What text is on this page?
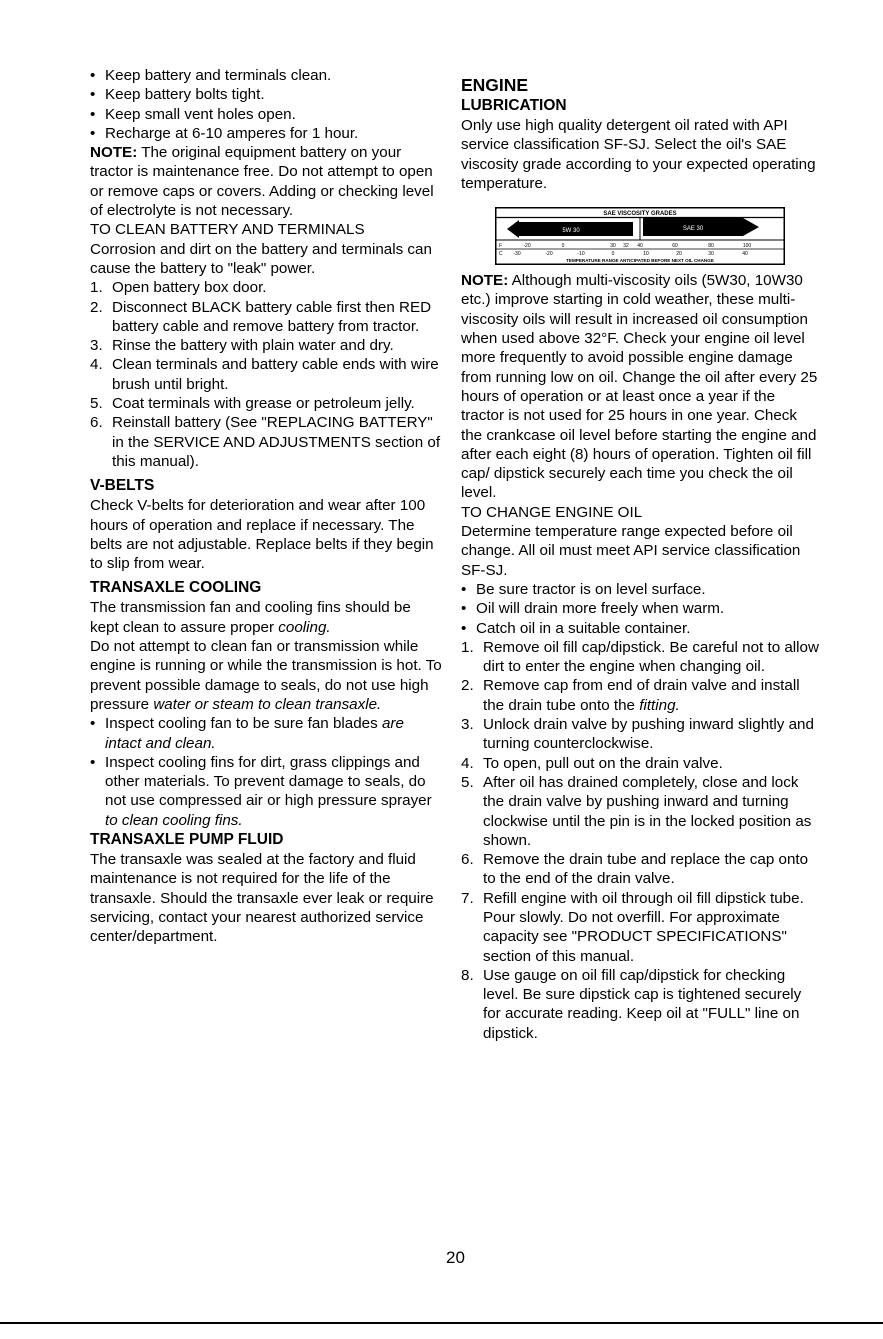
• Keep battery and terminals clean.
• Keep battery bolts tight.
• Keep small vent holes open.
• Recharge at 6-10 amperes for 1 hour.

NOTE: The original equipment battery on your tractor is maintenance free. Do not attempt to open or remove caps or covers. Adding or checking level of electrolyte is not necessary.

TO CLEAN BATTERY AND TERMINALS

Corrosion and dirt on the battery and terminals can cause the battery to "leak" power.

1. Open battery box door.
2. Disconnect BLACK battery cable first then RED battery cable and remove battery from tractor.
3. Rinse the battery with plain water and dry.
4. Clean terminals and battery cable ends with wire brush until bright.
5. Coat terminals with grease or petroleum jelly.
6. Reinstall battery (See "REPLACING BATTERY" in the SERVICE AND ADJUSTMENTS section of this manual).

V-BELTS

Check V-belts for deterioration and wear after 100 hours of operation and replace if necessary. The belts are not adjustable. Replace belts if they begin to slip from wear.

TRANSAXLE COOLING

The transmission fan and cooling fins should be kept clean to assure proper cooling.

Do not attempt to clean fan or transmission while engine is running or while the transmission is hot. To prevent possible damage to seals, do not use high pressure water or steam to clean transaxle.

• Inspect cooling fan to be sure fan blades are intact and clean.
• Inspect cooling fins for dirt, grass clippings and other materials. To prevent damage to seals, do not use compressed air or high pressure sprayer to clean cooling fins.

TRANSAXLE PUMP FLUID

The transaxle was sealed at the factory and fluid maintenance is not required for the life of the transaxle. Should the transaxle ever leak or require servicing, contact your nearest authorized service center/department.

ENGINE

LUBRICATION

Only use high quality detergent oil rated with API service classification SF-SJ. Select the oil's SAE viscosity grade according to your expected operating temperature.

SAE VISCOSITY GRADES
5W 30	SAE 30
F	-20	0	30 32 40	60	80	100
C -30	-20	-10	0	10	20	30	40
TEMPERATURE RANGE ANTICIPATED BEFORE NEXT OIL CHANGE

NOTE: Although multi-viscosity oils (5W30, 10W30 etc.) improve starting in cold weather, these multi-viscosity oils will result in increased oil consumption when used above 32°F. Check your engine oil level more frequently to avoid possible engine damage from running low on oil. Change the oil after every 25 hours of operation or at least once a year if the tractor is not used for 25 hours in one year. Check the crankcase oil level before starting the engine and after each eight (8) hours of operation. Tighten oil fill cap/ dipstick securely each time you check the oil level.

TO CHANGE ENGINE OIL

Determine temperature range expected before oil change. All oil must meet API service classification SF-SJ.

• Be sure tractor is on level surface.
• Oil will drain more freely when warm.
• Catch oil in a suitable container.
1. Remove oil fill cap/dipstick. Be careful not to allow dirt to enter the engine when changing oil.
2. Remove cap from end of drain valve and install the drain tube onto the fitting.
3. Unlock drain valve by pushing inward slightly and turning counterclockwise.
4. To open, pull out on the drain valve.
5. After oil has drained completely, close and lock the drain valve by pushing inward and turning clockwise until the pin is in the locked position as shown.
6. Remove the drain tube and replace the cap onto to the end of the drain valve.
7. Refill engine with oil through oil fill dipstick tube. Pour slowly. Do not overfill. For approximate capacity see "PRODUCT SPECIFICATIONS" section of this manual.
8. Use gauge on oil fill cap/dipstick for checking level. Be sure dipstick cap is tightened securely for accurate reading. Keep oil at "FULL" line on dipstick.
20
